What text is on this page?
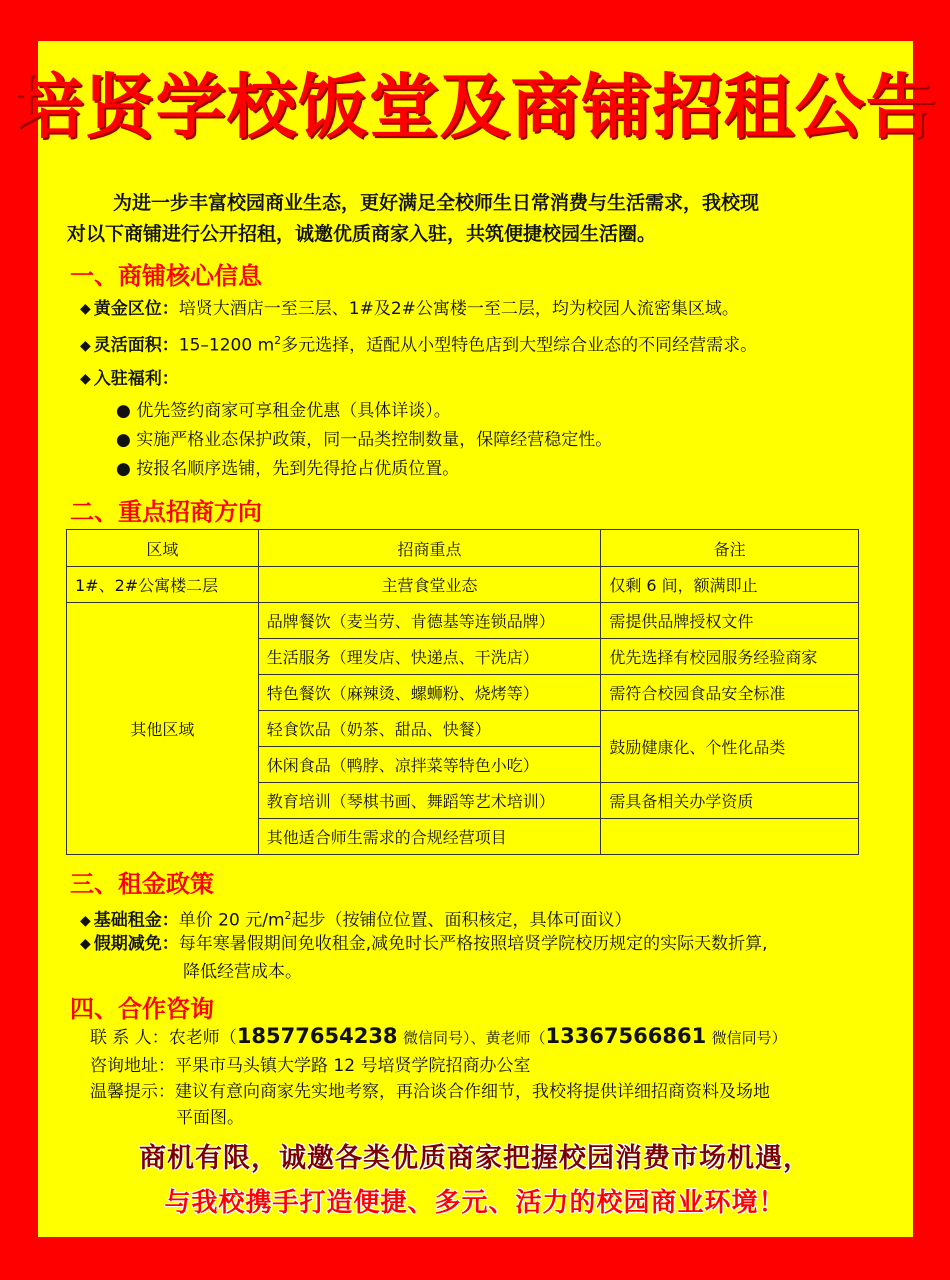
培贤学校饭堂及商铺招租公告
为进一步丰富校园商业生态，更好满足全校师生日常消费与生活需求，我校现
对以下商铺进行公开招租，诚邀优质商家入驻，共筑便捷校园生活圈。
一、商铺核心信息
◆ 黄金区位：培贤大酒店一至三层、1#及2#公寓楼一至二层，均为校园人流密集区域。
◆ 灵活面积：15–1200 $m^2$多元选择，适配从小型特色店到大型综合业态的不同经营需求。
◆ 入驻福利：
● 优先签约商家可享租金优惠（具体详谈）。
● 实施严格业态保护政策，同一品类控制数量，保障经营稳定性。
● 按报名顺序选铺，先到先得抢占优质位置。
二、重点招商方向
区域	招商重点	备注
1#、2#公寓楼二层	主营食堂业态	仅剩 6 间，额满即止
其他区域	品牌餐饮（麦当劳、肯德基等连锁品牌）	需提供品牌授权文件
	生活服务（理发店、快递点、干洗店）	优先选择有校园服务经验商家
	特色餐饮（麻辣烫、螺蛳粉、烧烤等）	需符合校园食品安全标准
	轻食饮品（奶茶、甜品、快餐）	鼓励健康化、个性化品类
	休闲食品（鸭脖、凉拌菜等特色小吃）	
	教育培训（琴棋书画、舞蹈等艺术培训）	需具备相关办学资质
	其他适合师生需求的合规经营项目	
三、租金政策
◆ 基础租金：单价 20 元$/m^2$起步（按铺位位置、面积核定，具体可面议）
◆ 假期减免：每年寒暑假期间免收租金,减免时长严格按照培贤学院校历规定的实际天数折算,
降低经营成本。
四、合作咨询
联 系 人：农老师（18577654238 微信同号）、黄老师（13367566861 微信同号）
咨询地址：平果市马头镇大学路 12 号培贤学院招商办公室
温馨提示：建议有意向商家先实地考察，再洽谈合作细节，我校将提供详细招商资料及场地
平面图。
商机有限，诚邀各类优质商家把握校园消费市场机遇，
与我校携手打造便捷、多元、活力的校园商业环境！
